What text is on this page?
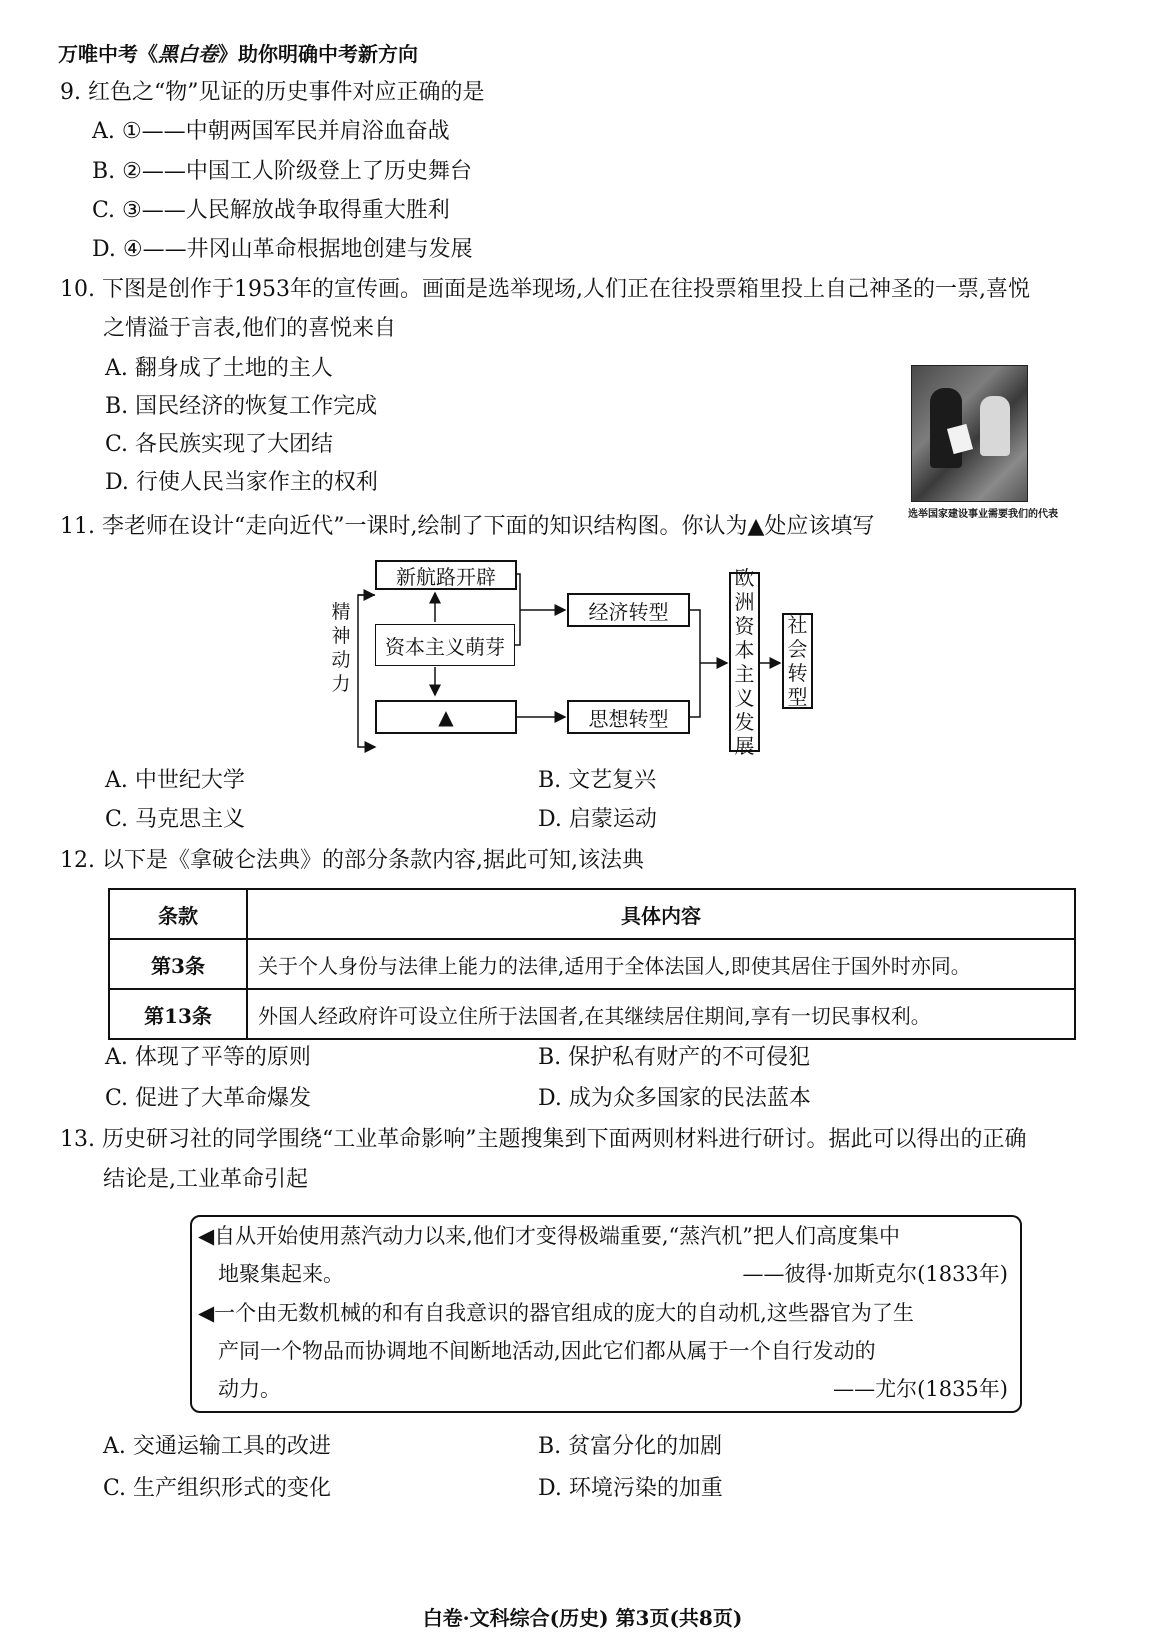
万唯中考《黑白卷》助你明确中考新方向
9. 红色之“物”见证的历史事件对应正确的是
A. ①——中朝两国军民并肩浴血奋战
B. ②——中国工人阶级登上了历史舞台
C. ③——人民解放战争取得重大胜利
D. ④——井冈山革命根据地创建与发展
10. 下图是创作于1953年的宣传画。画面是选举现场,人们正在往投票箱里投上自己神圣的一票,喜悦
之情溢于言表,他们的喜悦来自
A. 翻身成了土地的主人
B. 国民经济的恢复工作完成
C. 各民族实现了大团结
D. 行使人民当家作主的权利
选举国家建设事业需要我们的代表
11. 李老师在设计“走向近代”一课时,绘制了下面的知识结构图。你认为▲处应该填写
精神动力
新航路开辟
资本主义萌芽
▲
经济转型
思想转型
欧洲资本主义发展
社会转型
A. 中世纪大学	B. 文艺复兴
C. 马克思主义	D. 启蒙运动
12. 以下是《拿破仑法典》的部分条款内容,据此可知,该法典
条款	具体内容
第3条	关于个人身份与法律上能力的法律,适用于全体法国人,即使其居住于国外时亦同。
第13条	外国人经政府许可设立住所于法国者,在其继续居住期间,享有一切民事权利。
A. 体现了平等的原则	B. 保护私有财产的不可侵犯
C. 促进了大革命爆发	D. 成为众多国家的民法蓝本
13. 历史研习社的同学围绕“工业革命影响”主题搜集到下面两则材料进行研讨。据此可以得出的正确
结论是,工业革命引起
◀自从开始使用蒸汽动力以来,他们才变得极端重要,“蒸汽机”把人们高度集中
地聚集起来。	——彼得·加斯克尔(1833年)
◀一个由无数机械的和有自我意识的器官组成的庞大的自动机,这些器官为了生
产同一个物品而协调地不间断地活动,因此它们都从属于一个自行发动的
动力。	——尤尔(1835年)
A. 交通运输工具的改进	B. 贫富分化的加剧
C. 生产组织形式的变化	D. 环境污染的加重
白卷·文科综合(历史) 第3页(共8页)
